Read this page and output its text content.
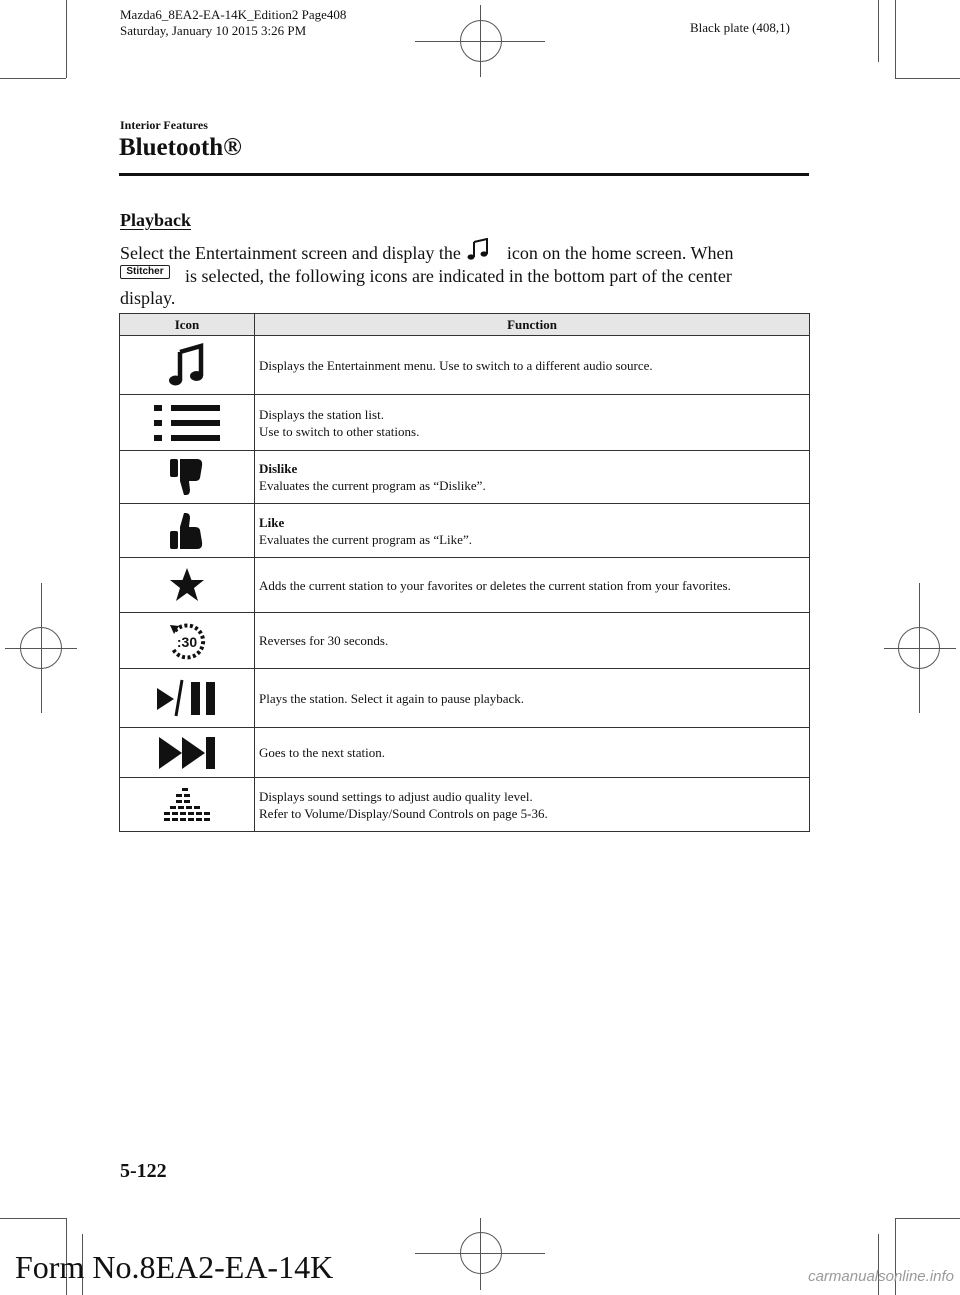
Mazda6_8EA2-EA-14K_Edition2 Page408
Saturday, January 10 2015 3:26 PM	Black plate (408,1)
Interior Features
Bluetooth®
Playback
Select the Entertainment screen and display the	icon on the home screen. When
Stitcher	is selected, the following icons are indicated in the bottom part of the center
display.
Icon	Function

Displays the Entertainment menu. Use to switch to a different audio source.

Displays the station list.
Use to switch to other stations.

Dislike
Evaluates the current program as “Dislike”.

Like
Evaluates the current program as “Like”.

Adds the current station to your favorites or deletes the current station from your favorites.

:30	Reverses for 30 seconds.

Plays the station. Select it again to pause playback.

Goes to the next station.

Displays sound settings to adjust audio quality level.
Refer to Volume/Display/Sound Controls on page 5-36.
5-122
Form No.8EA2-EA-14K	carmanualsonline.info
